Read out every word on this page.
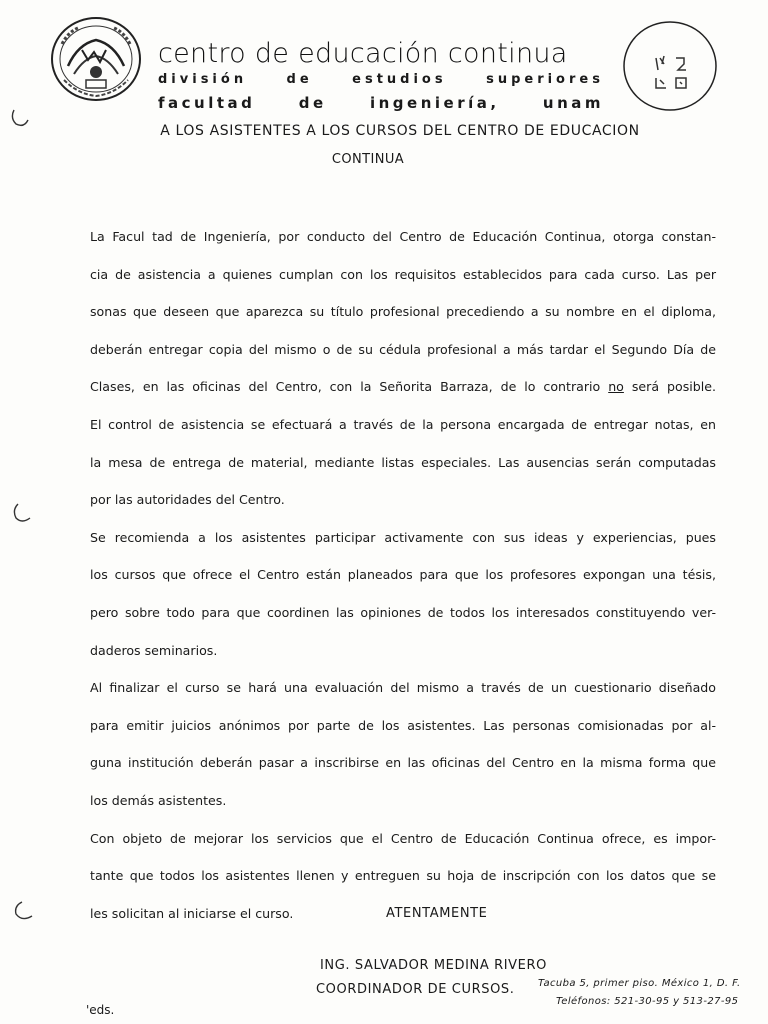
centro de educación continua
división	de	estudios	superiores
facultad	de	ingeniería,	unam
A LOS ASISTENTES A LOS CURSOS DEL CENTRO DE EDUCACION
CONTINUA
La Facul tad de Ingeniería, por conducto del Centro de Educación Continua, otorga constan-
cia de asistencia a quienes cumplan con los requisitos establecidos para cada curso. Las per
sonas que deseen que aparezca su título profesional precediendo a su nombre en el diploma,
deberán entregar copia del mismo o de su cédula profesional a más tardar el Segundo Día de
Clases, en las oficinas del Centro, con la Señorita Barraza, de lo contrario no será posible.
El control de asistencia se efectuará a través de la persona encargada de entregar notas, en
la mesa de entrega de material, mediante listas especiales. Las ausencias serán computadas
por las autoridades del Centro.
Se recomienda a los asistentes participar activamente con sus ideas y experiencias, pues
los cursos que ofrece el Centro están planeados para que los profesores expongan una tésis,
pero sobre todo para que coordinen las opiniones de todos los interesados constituyendo ver-
daderos seminarios.
Al finalizar el curso se hará una evaluación del mismo a través de un cuestionario diseñado
para emitir juicios anónimos por parte de los asistentes. Las personas comisionadas por al-
guna institución deberán pasar a inscribirse en las oficinas del Centro en la misma forma que
los demás asistentes.
Con objeto de mejorar los servicios que el Centro de Educación Continua ofrece, es impor-
tante que todos los asistentes llenen y entreguen su hoja de inscripción con los datos que se
les solicitan al iniciarse el curso.	ATENTAMENTE
ING. SALVADOR MEDINA RIVERO
COORDINADOR DE CURSOS. Tacuba 5, primer piso. México 1, D. F.
Teléfonos: 521-30-95 y 513-27-95
'eds.
